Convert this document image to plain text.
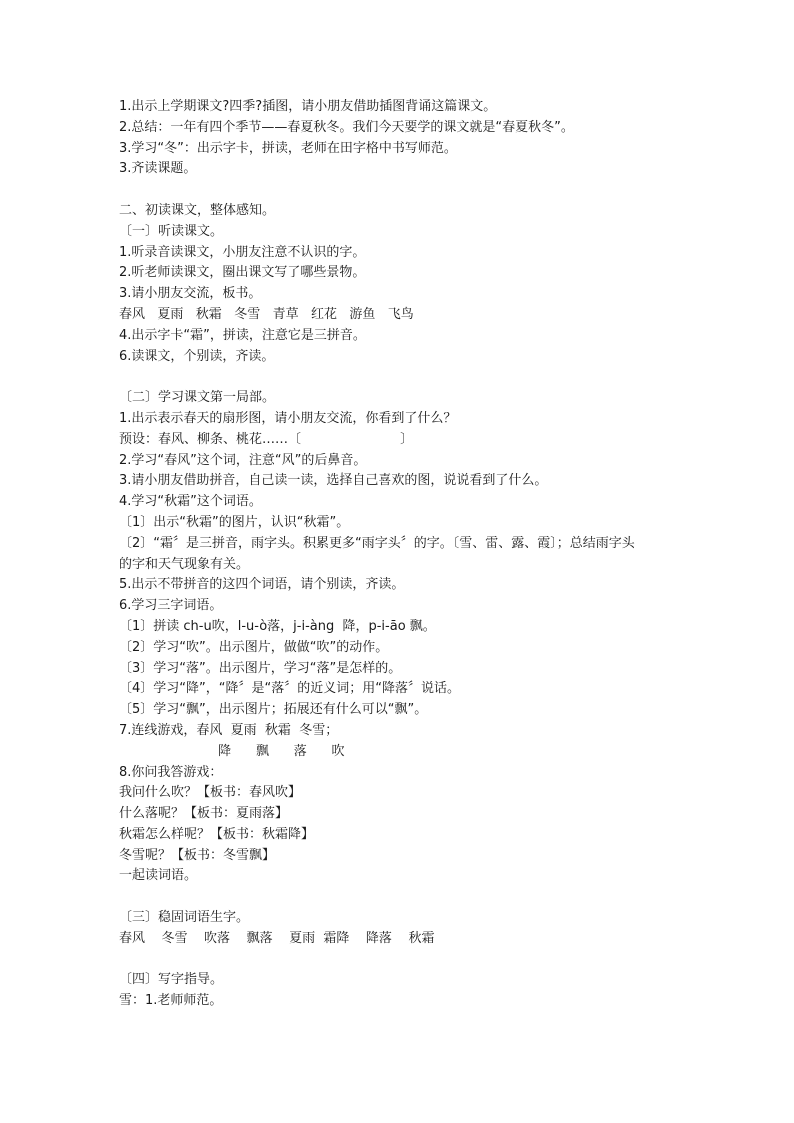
1.出示上学期课文?四季?插图，请小朋友借助插图背诵这篇课文。
2.总结：一年有四个季节——春夏秋冬。我们今天要学的课文就是“春夏秋冬”。
3.学习“冬”：出示字卡，拼读，老师在田字格中书写师范。
3.齐读课题。
二、初读课文，整体感知。
〔一〕听读课文。
1.听录音读课文，小朋友注意不认识的字。
2.听老师读课文，圈出课文写了哪些景物。
3.请小朋友交流，板书。
春风   夏雨   秋霜   冬雪   青草   红花   游鱼   飞鸟
4.出示字卡“霜”，拼读，注意它是三拼音。
6.读课文，个别读，齐读。
〔二〕学习课文第一局部。
1.出示表示春天的扇形图，请小朋友交流，你看到了什么？
预设：春风、柳条、桃花……〔                        〕
2.学习“春风”这个词，注意“风”的后鼻音。
3.请小朋友借助拼音，自己读一读，选择自己喜欢的图，说说看到了什么。
4.学习“秋霜”这个词语。
〔1〕出示“秋霜”的图片，认识“秋霜”。
〔2〕“霜〞是三拼音，雨字头。积累更多“雨字头〞的字。〔雪、雷、露、霞〕；总结雨字头
的字和天气现象有关。
5.出示不带拼音的这四个词语，请个别读，齐读。
6.学习三字词语。
〔1〕拼读 ch-u吹，l-u-ò落，j-i-àng  降，p-i-āo 飘。
〔2〕学习“吹”。出示图片，做做“吹”的动作。
〔3〕学习“落”。出示图片，学习“落”是怎样的。
〔4〕学习“降”，“降〞是“落〞的近义词；用“降落〞说话。
〔5〕学习“飘”，出示图片；拓展还有什么可以“飘”。
7.连线游戏，春风  夏雨  秋霜  冬雪；
降      飘      落      吹
8.你问我答游戏：
我问什么吹？【板书：春风吹】
什么落呢？【板书：夏雨落】
秋霜怎么样呢？【板书：秋霜降】
冬雪呢？【板书：冬雪飘】
一起读词语。
〔三〕稳固词语生字。
春风    冬雪    吹落    飘落    夏雨  霜降    降落    秋霜
〔四〕写字指导。
雪：1.老师师范。
